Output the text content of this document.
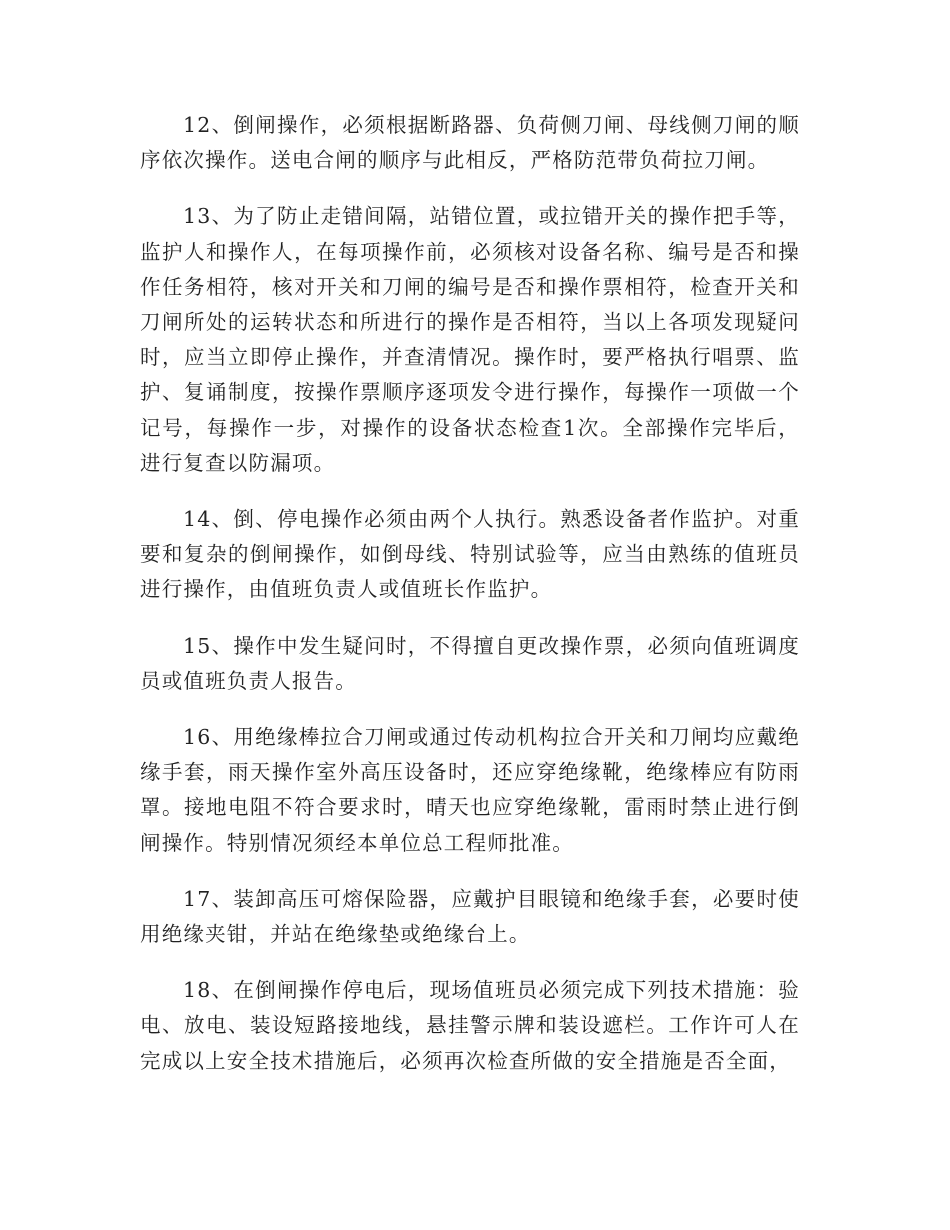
12、倒闸操作，必须根据断路器、负荷侧刀闸、母线侧刀闸的顺序依次操作。送电合闸的顺序与此相反，严格防范带负荷拉刀闸。

13、为了防止走错间隔，站错位置，或拉错开关的操作把手等，监护人和操作人，在每项操作前，必须核对设备名称、编号是否和操作任务相符，核对开关和刀闸的编号是否和操作票相符，检查开关和刀闸所处的运转状态和所进行的操作是否相符，当以上各项发现疑问时，应当立即停止操作，并查清情况。操作时，要严格执行唱票、监护、复诵制度，按操作票顺序逐项发令进行操作，每操作一项做一个记号，每操作一步，对操作的设备状态检查1次。全部操作完毕后，进行复查以防漏项。

14、倒、停电操作必须由两个人执行。熟悉设备者作监护。对重要和复杂的倒闸操作，如倒母线、特别试验等，应当由熟练的值班员进行操作，由值班负责人或值班长作监护。

15、操作中发生疑问时，不得擅自更改操作票，必须向值班调度员或值班负责人报告。

16、用绝缘棒拉合刀闸或通过传动机构拉合开关和刀闸均应戴绝缘手套，雨天操作室外高压设备时，还应穿绝缘靴，绝缘棒应有防雨罩。接地电阻不符合要求时，晴天也应穿绝缘靴，雷雨时禁止进行倒闸操作。特别情况须经本单位总工程师批准。

17、装卸高压可熔保险器，应戴护目眼镜和绝缘手套，必要时使用绝缘夹钳，并站在绝缘垫或绝缘台上。

18、在倒闸操作停电后，现场值班员必须完成下列技术措施：验电、放电、装设短路接地线，悬挂警示牌和装设遮栏。工作许可人在完成以上安全技术措施后，必须再次检查所做的安全措施是否全面，
